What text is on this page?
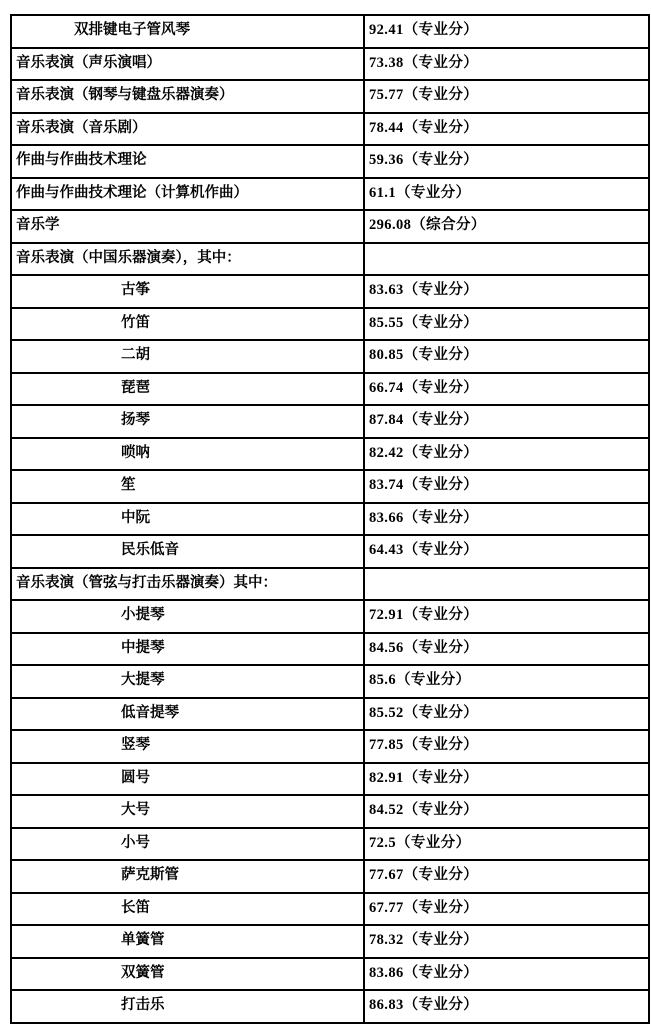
双排键电子管风琴	92.41（专业分）
音乐表演（声乐演唱）	73.38（专业分）
音乐表演（钢琴与键盘乐器演奏）	75.77（专业分）
音乐表演（音乐剧）	78.44（专业分）
作曲与作曲技术理论	59.36（专业分）
作曲与作曲技术理论（计算机作曲）	61.1（专业分）
音乐学	296.08（综合分）
音乐表演（中国乐器演奏），其中：	
古筝	83.63（专业分）
竹笛	85.55（专业分）
二胡	80.85（专业分）
琵琶	66.74（专业分）
扬琴	87.84（专业分）
唢呐	82.42（专业分）
笙	83.74（专业分）
中阮	83.66（专业分）
民乐低音	64.43（专业分）
音乐表演（管弦与打击乐器演奏）其中：	
小提琴	72.91（专业分）
中提琴	84.56（专业分）
大提琴	85.6（专业分）
低音提琴	85.52（专业分）
竖琴	77.85（专业分）
圆号	82.91（专业分）
大号	84.52（专业分）
小号	72.5（专业分）
萨克斯管	77.67（专业分）
长笛	67.77（专业分）
单簧管	78.32（专业分）
双簧管	83.86（专业分）
打击乐	86.83（专业分）
